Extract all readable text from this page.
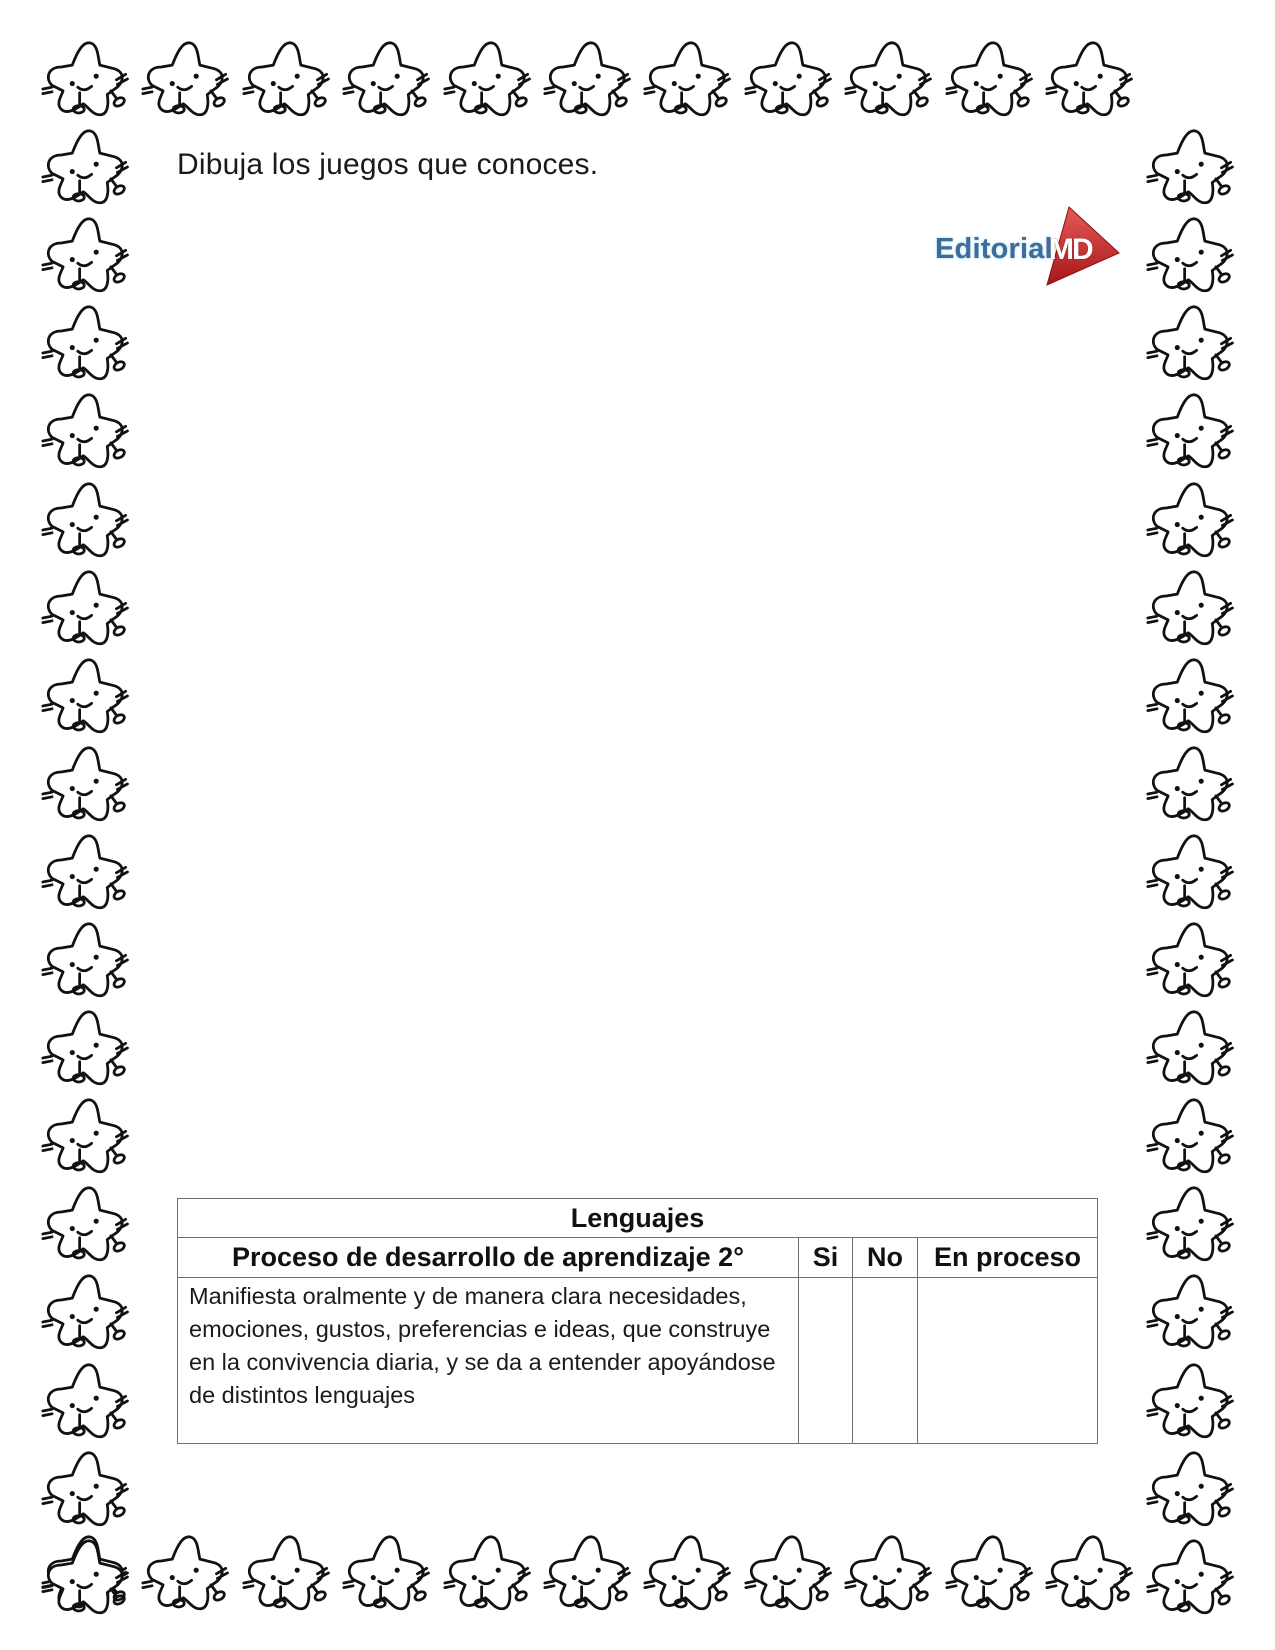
Dibuja los juegos que conoces.
Editorial
MD
Lenguajes			
Proceso de desarrollo de aprendizaje 2°	Si	No	En proceso
Manifiesta oralmente y de manera clara necesidades, emociones, gustos, preferencias e ideas, que construye en la convivencia diaria, y se da a entender apoyándose de distintos lenguajes			
